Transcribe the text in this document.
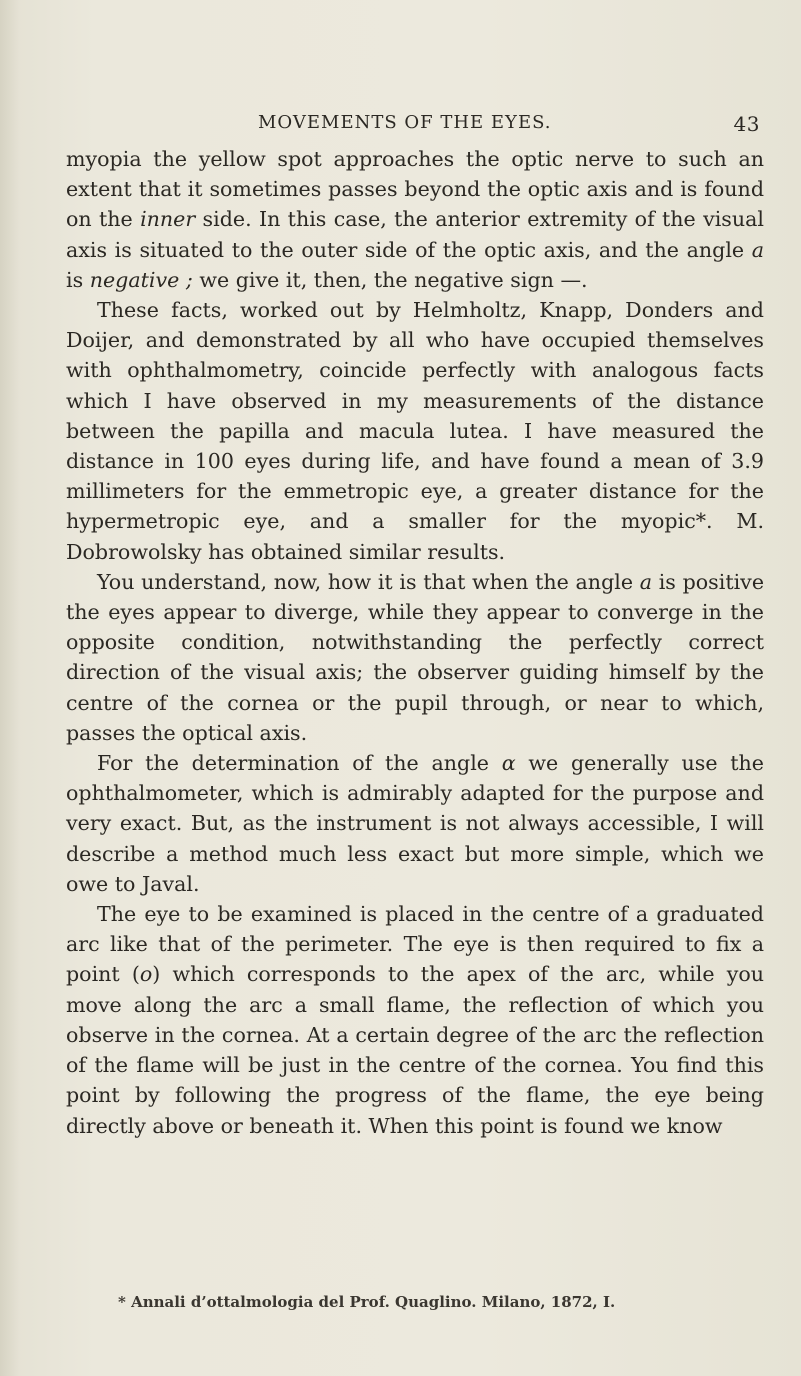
MOVEMENTS OF THE EYES.	43

myopia the yellow spot approaches the optic nerve to such an extent that it sometimes passes beyond the optic axis and is found on the inner side. In this case, the anterior extremity of the visual axis is situated to the outer side of the optic axis, and the angle a is negative ; we give it, then, the negative sign —.

These facts, worked out by Helmholtz, Knapp, Donders and Doijer, and demonstrated by all who have occupied themselves with ophthalmometry, coincide perfectly with analogous facts which I have observed in my measurements of the distance between the papilla and macula lutea. I have measured the distance in 100 eyes during life, and have found a mean of 3.9 millimeters for the emmetropic eye, a greater distance for the hypermetropic eye, and a smaller for the myopic*. M. Dobrowolsky has obtained similar results.

You understand, now, how it is that when the angle a is positive the eyes appear to diverge, while they appear to converge in the opposite condition, notwithstanding the perfectly correct direction of the visual axis; the observer guiding himself by the centre of the cornea or the pupil through, or near to which, passes the optical axis.

For the determination of the angle α we generally use the ophthalmometer, which is admirably adapted for the purpose and very exact. But, as the instrument is not always accessible, I will describe a method much less exact but more simple, which we owe to Javal.

The eye to be examined is placed in the centre of a graduated arc like that of the perimeter. The eye is then required to fix a point (o) which corresponds to the apex of the arc, while you move along the arc a small flame, the reflection of which you observe in the cornea. At a certain degree of the arc the reflection of the flame will be just in the centre of the cornea. You find this point by following the progress of the flame, the eye being directly above or beneath it. When this point is found we know

* Annali d’ottalmologia del Prof. Quaglino. Milano, 1872, I.
